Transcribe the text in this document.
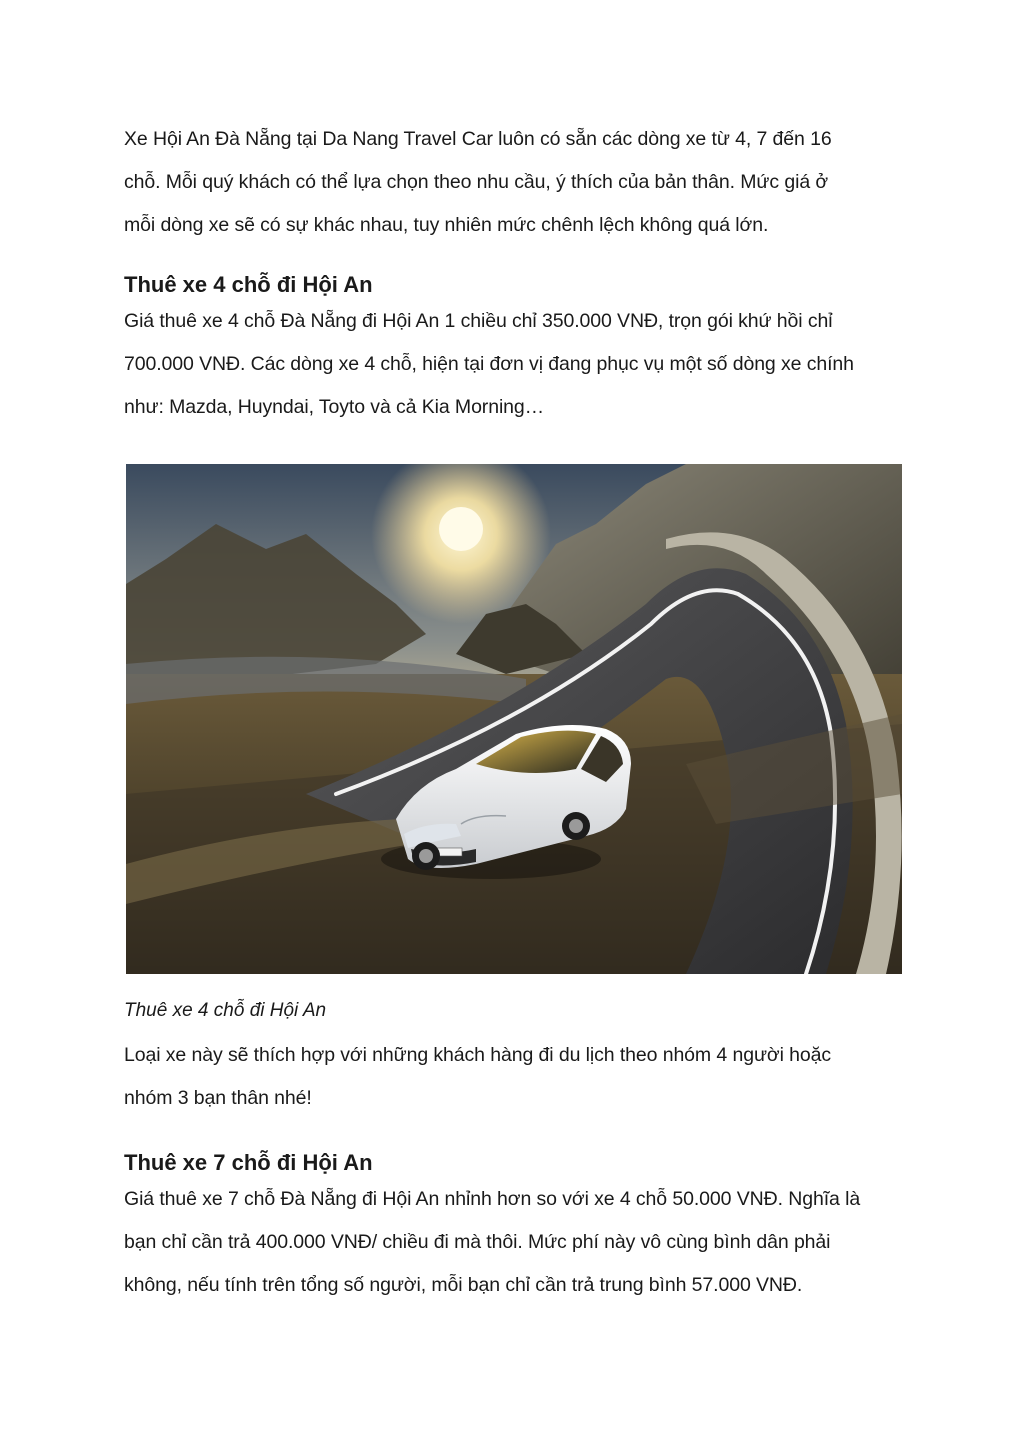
Xe Hội An Đà Nẵng tại Da Nang Travel Car luôn có sẵn các dòng xe từ 4, 7 đến 16
chỗ. Mỗi quý khách có thể lựa chọn theo nhu cầu, ý thích của bản thân. Mức giá ở
mỗi dòng xe sẽ có sự khác nhau, tuy nhiên mức chênh lệch không quá lớn.

Thuê xe 4 chỗ đi Hội An

Giá thuê xe 4 chỗ Đà Nẵng đi Hội An 1 chiều chỉ 350.000 VNĐ, trọn gói khứ hồi chỉ
700.000 VNĐ. Các dòng xe 4 chỗ, hiện tại đơn vị đang phục vụ một số dòng xe chính
như: Mazda, Huyndai, Toyto và cả Kia Morning…

Thuê xe 4 chỗ đi Hội An

Loại xe này sẽ thích hợp với những khách hàng đi du lịch theo nhóm 4 người hoặc
nhóm 3 bạn thân nhé!

Thuê xe 7 chỗ đi Hội An

Giá thuê xe 7 chỗ Đà Nẵng đi Hội An nhỉnh hơn so với xe 4 chỗ 50.000 VNĐ. Nghĩa là
bạn chỉ cần trả 400.000 VNĐ/ chiều đi mà thôi. Mức phí này vô cùng bình dân phải
không, nếu tính trên tổng số người, mỗi bạn chỉ cần trả trung bình 57.000 VNĐ.
